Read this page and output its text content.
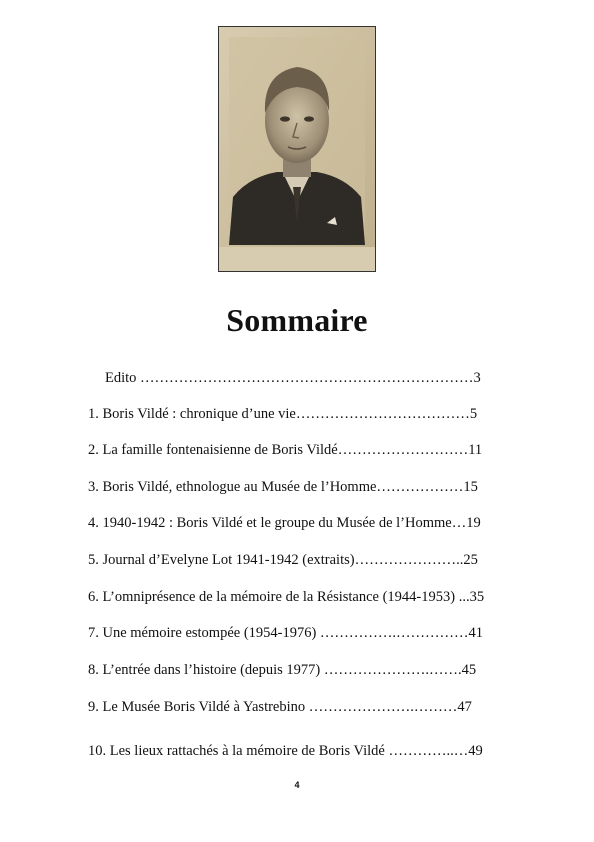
Sommaire
Edito ……………………………………………………………3
1. Boris Vildé : chronique d’une vie………………………………5
2. La famille fontenaisienne de Boris Vildé………………………11
3. Boris Vildé, ethnologue au Musée de l’Homme………………15
4. 1940-1942 : Boris Vildé et le groupe du Musée de l’Homme…19
5. Journal d’Evelyne Lot 1941-1942 (extraits)…………………..25
6. L’omniprésence de la mémoire de la Résistance (1944-1953) ...35
7. Une mémoire estompée (1954-1976) …………….……………41
8. L’entrée dans l’histoire (depuis 1977) ………………….…….45
9. Le Musée Boris Vildé à Yastrebino ………………….………47
10. Les lieux rattachés à la mémoire de Boris Vildé …………..…49
4
